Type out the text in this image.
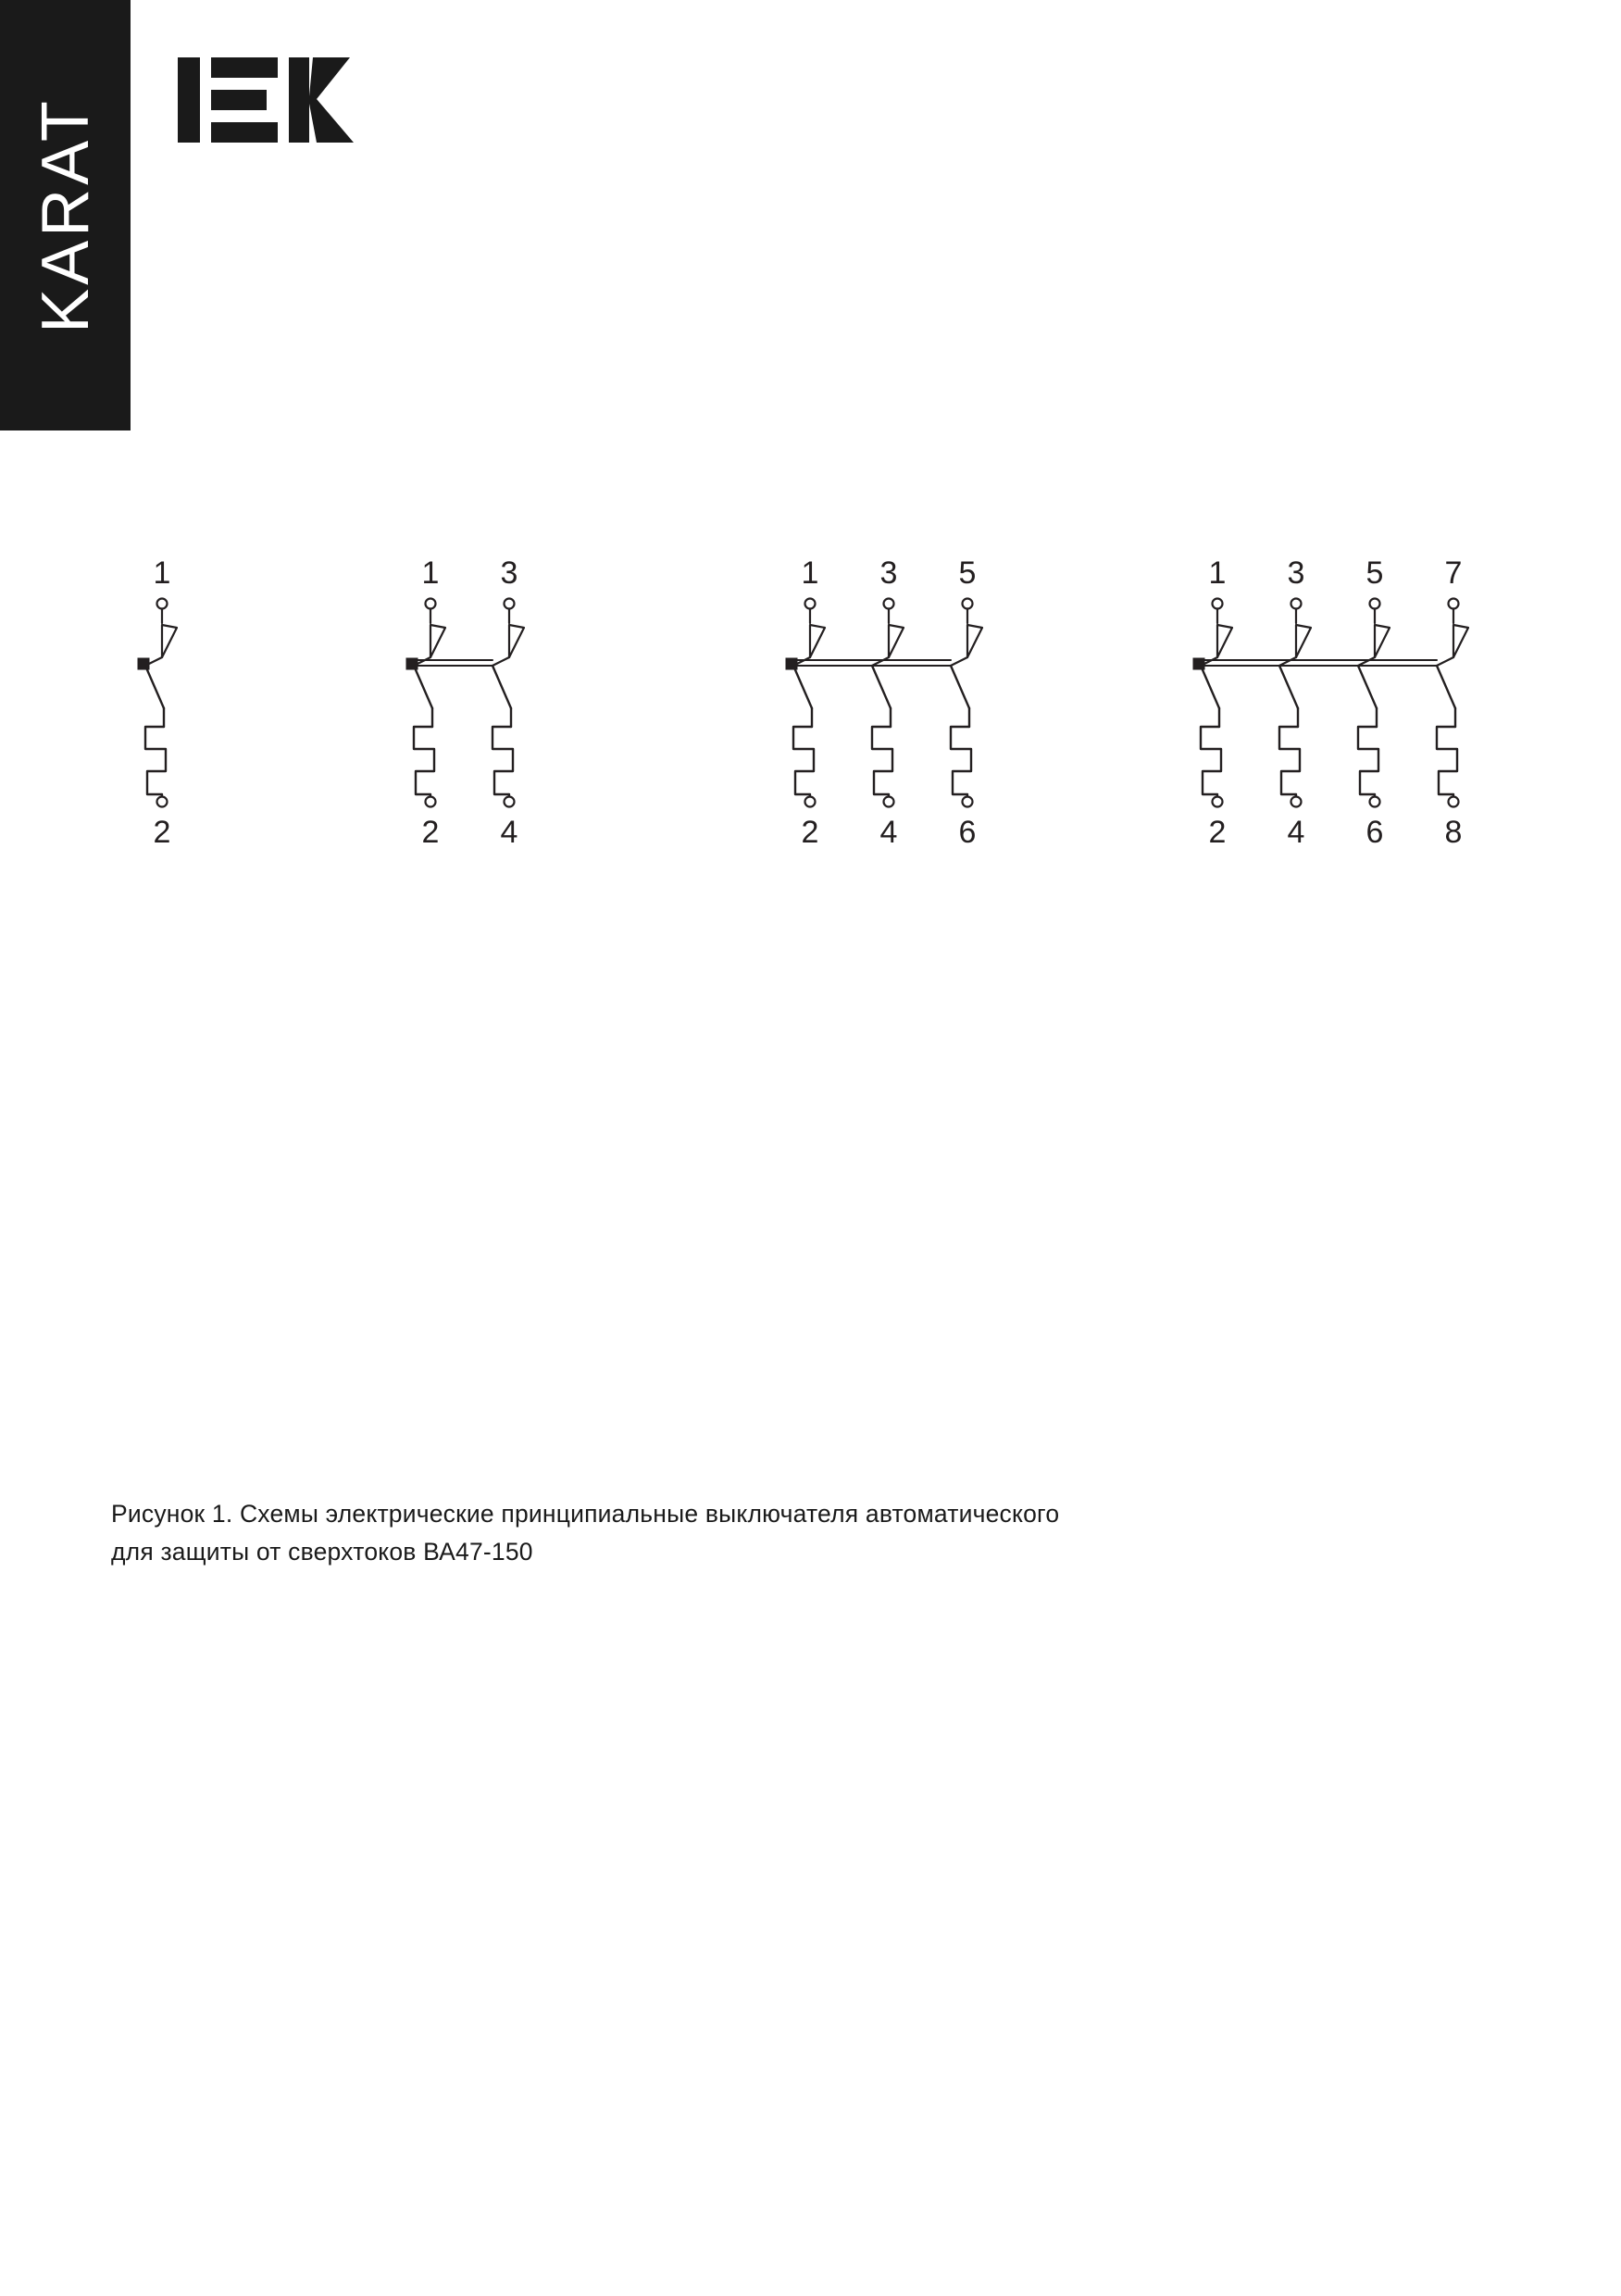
KARAT
1
2
1
2
3
4
1
2
3
4
5
6
1
2
3
4
5
6
7
8
Рисунок 1. Схемы электрические принципиальные выключателя автоматического
для защиты от сверхтоков ВА47-150
